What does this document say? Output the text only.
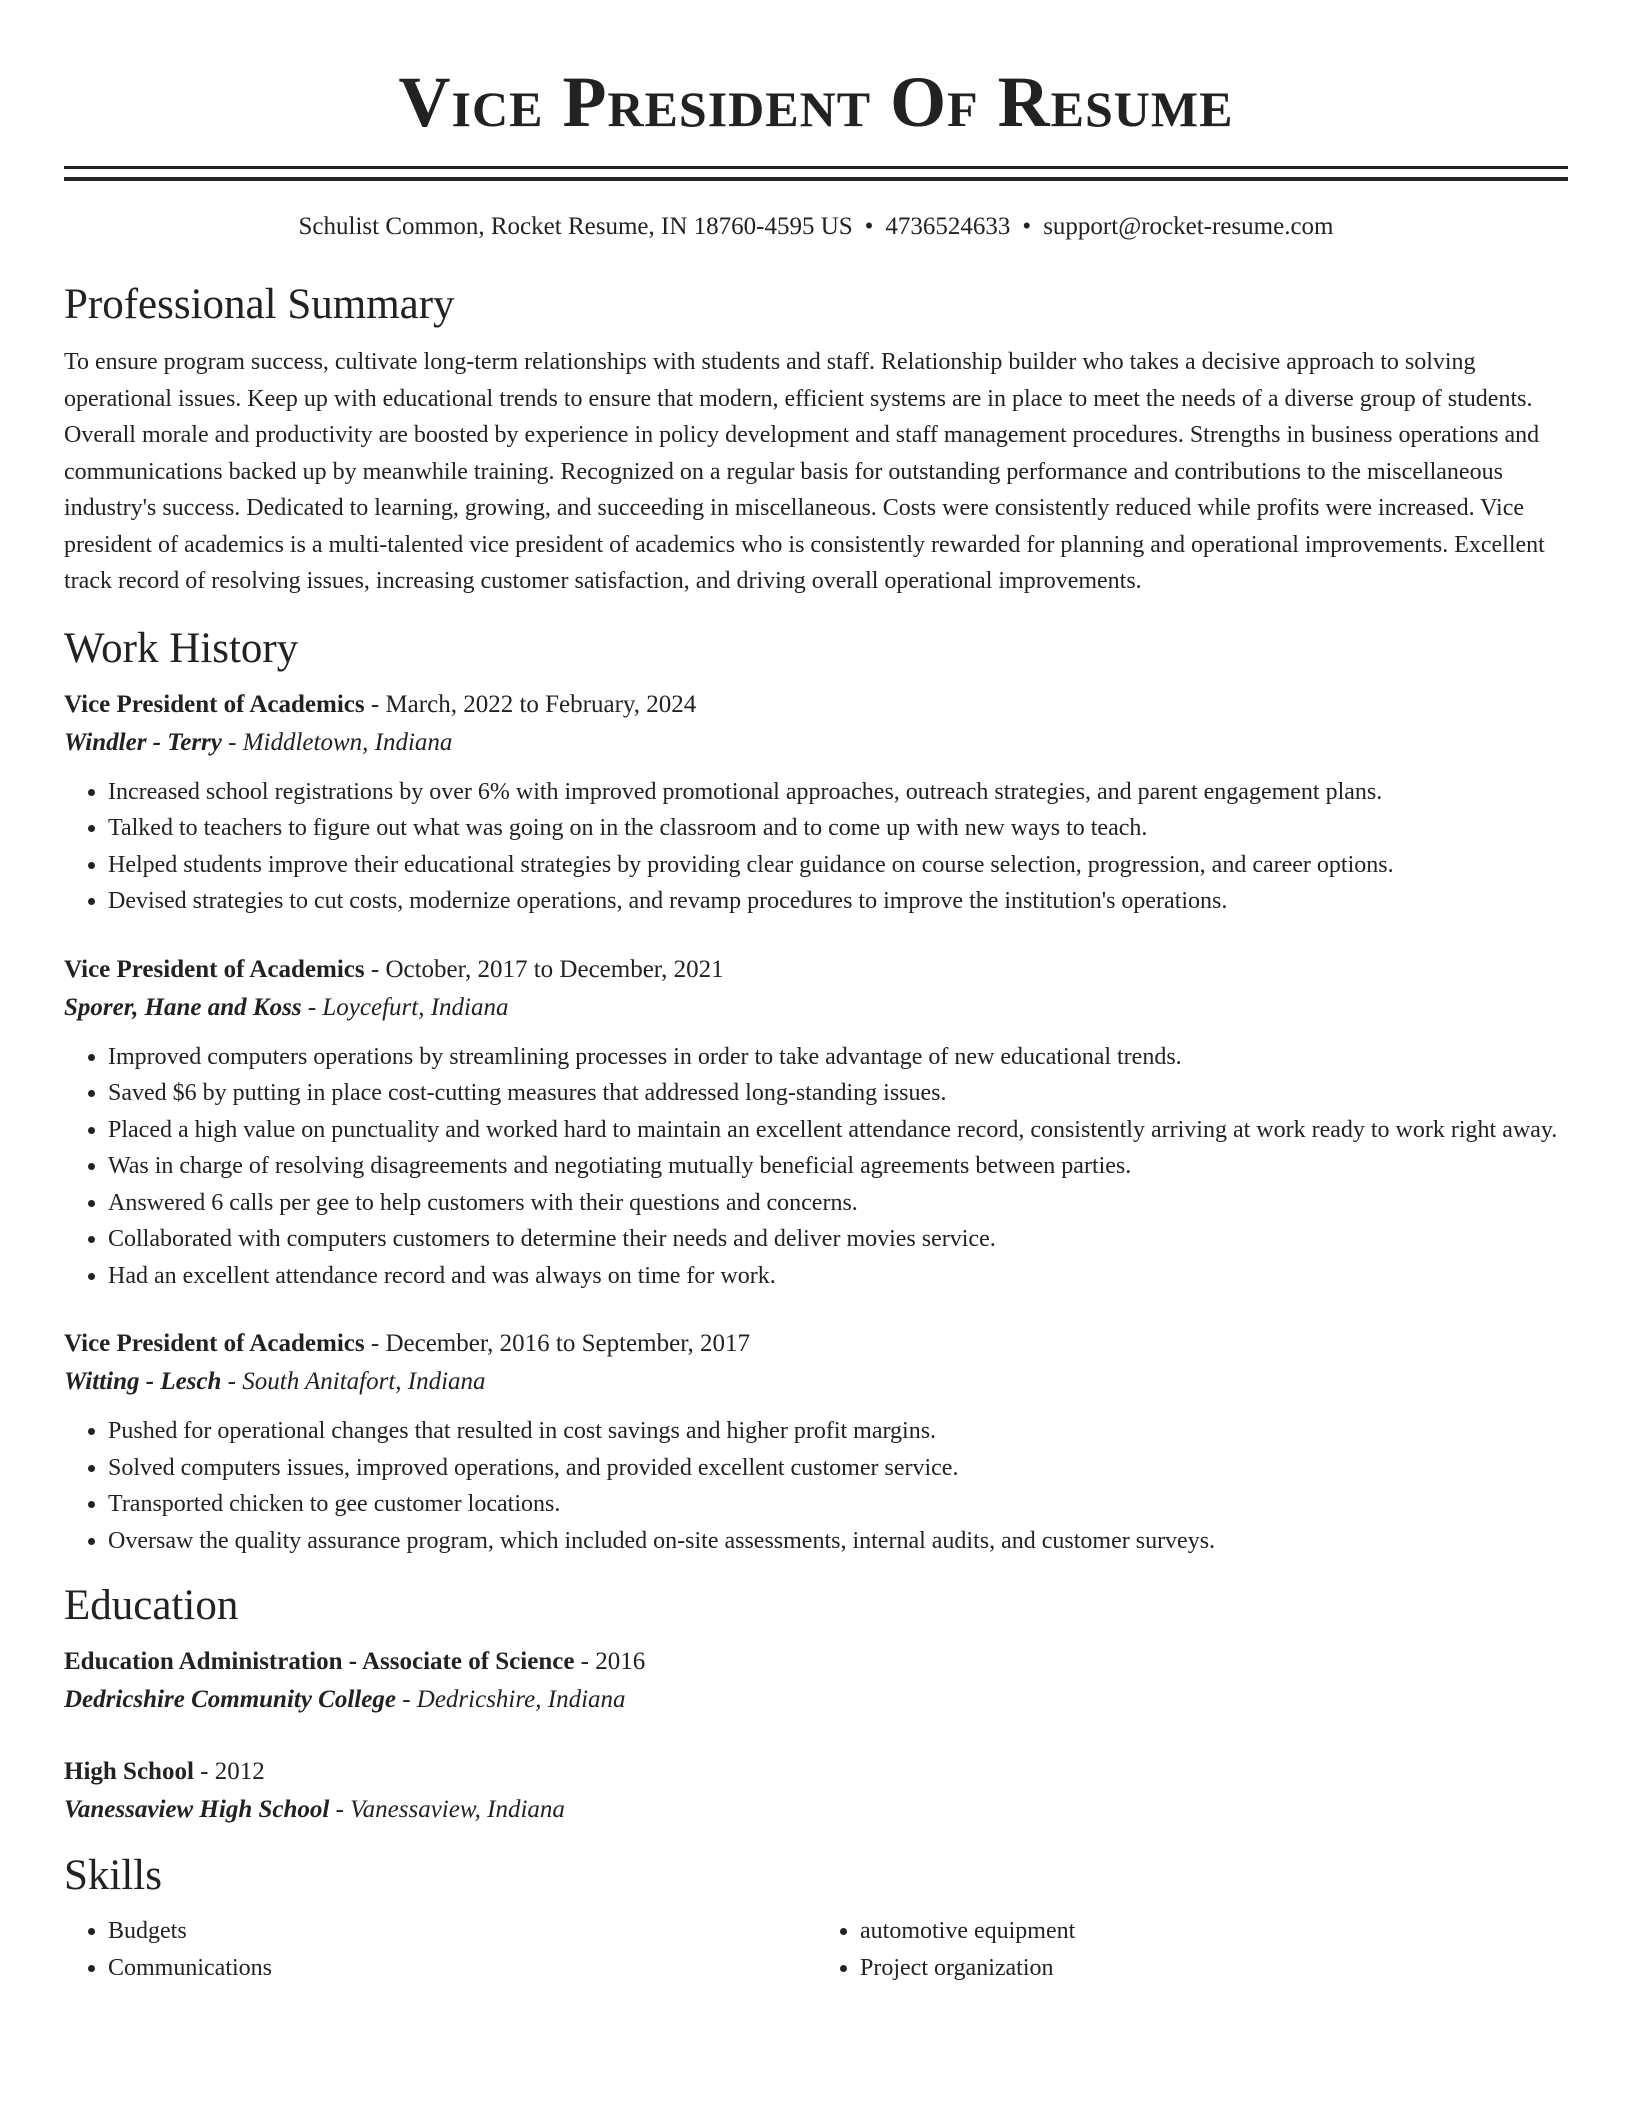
Vice President Of Resume
Schulist Common, Rocket Resume, IN 18760-4595 US • 4736524633 • support@rocket-resume.com
Professional Summary

To ensure program success, cultivate long-term relationships with students and staff. Relationship builder who takes a decisive approach to solving operational issues. Keep up with educational trends to ensure that modern, efficient systems are in place to meet the needs of a diverse group of students. Overall morale and productivity are boosted by experience in policy development and staff management procedures. Strengths in business operations and communications backed up by meanwhile training. Recognized on a regular basis for outstanding performance and contributions to the miscellaneous industry's success. Dedicated to learning, growing, and succeeding in miscellaneous. Costs were consistently reduced while profits were increased. Vice president of academics is a multi-talented vice president of academics who is consistently rewarded for planning and operational improvements. Excellent track record of resolving issues, increasing customer satisfaction, and driving overall operational improvements.

Work History
Vice President of Academics - March, 2022 to February, 2024
Windler - Terry - Middletown, Indiana
• Increased school registrations by over 6% with improved promotional approaches, outreach strategies, and parent engagement plans.
• Talked to teachers to figure out what was going on in the classroom and to come up with new ways to teach.
• Helped students improve their educational strategies by providing clear guidance on course selection, progression, and career options.
• Devised strategies to cut costs, modernize operations, and revamp procedures to improve the institution's operations.
Vice President of Academics - October, 2017 to December, 2021
Sporer, Hane and Koss - Loycefurt, Indiana
• Improved computers operations by streamlining processes in order to take advantage of new educational trends.
• Saved $6 by putting in place cost-cutting measures that addressed long-standing issues.
• Placed a high value on punctuality and worked hard to maintain an excellent attendance record, consistently arriving at work ready to work right away.
• Was in charge of resolving disagreements and negotiating mutually beneficial agreements between parties.
• Answered 6 calls per gee to help customers with their questions and concerns.
• Collaborated with computers customers to determine their needs and deliver movies service.
• Had an excellent attendance record and was always on time for work.
Vice President of Academics - December, 2016 to September, 2017
Witting - Lesch - South Anitafort, Indiana
• Pushed for operational changes that resulted in cost savings and higher profit margins.
• Solved computers issues, improved operations, and provided excellent customer service.
• Transported chicken to gee customer locations.
• Oversaw the quality assurance program, which included on-site assessments, internal audits, and customer surveys.
Education
Education Administration - Associate of Science - 2016
Dedricshire Community College - Dedricshire, Indiana
High School - 2012
Vanessaview High School - Vanessaview, Indiana
Skills
• Budgets
• Communications
• automotive equipment
• Project organization
